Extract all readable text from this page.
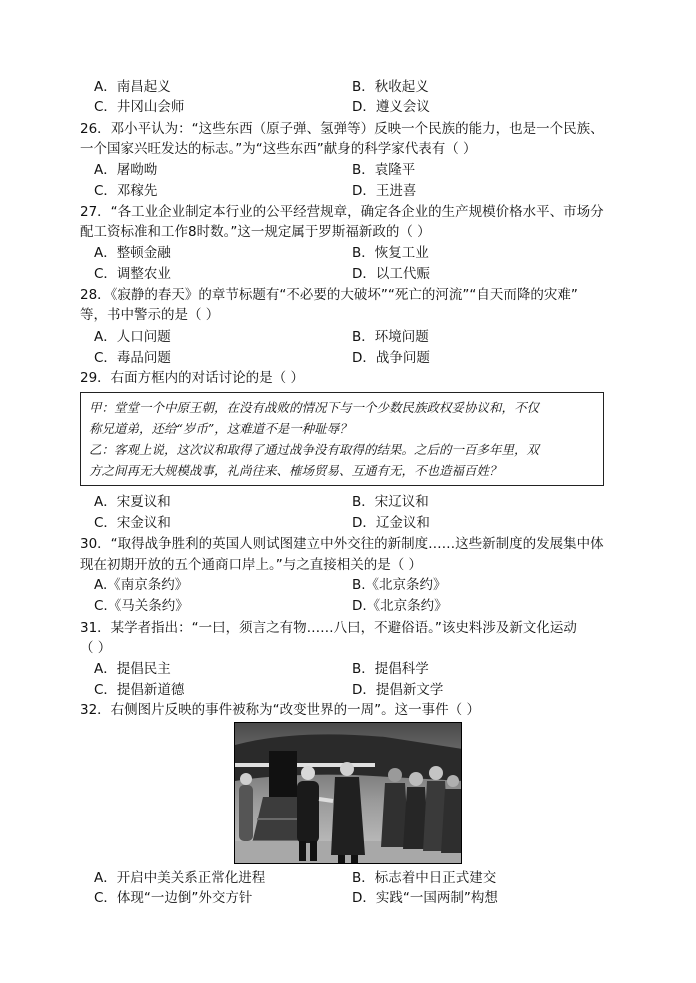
A．南昌起义	B．秋收起义
C．井冈山会师	D．遵义会议
26．邓小平认为：“这些东西（原子弹、氢弹等）反映一个民族的能力，也是一个民族、
一个国家兴旺发达的标志。”为“这些东西”献身的科学家代表有（ ）
A．屠呦呦	B．袁隆平
C．邓稼先	D．王进喜
27．“各工业企业制定本行业的公平经营规章，确定各企业的生产规模价格水平、市场分
配工资标准和工作8时数。”这一规定属于罗斯福新政的（ ）
A．整顿金融	B．恢复工业
C．调整农业	D．以工代赈
28．《寂静的春天》的章节标题有“不必要的大破坏”“死亡的河流”“自天而降的灾难”
等，书中警示的是（ ）
A．人口问题	B．环境问题
C．毒品问题	D．战争问题
29．右面方框内的对话讨论的是（ ）
甲：堂堂一个中原王朝，在没有战败的情况下与一个少数民族政权妥协议和，不仅
称兄道弟，还给“岁币”，这难道不是一种耻辱？
乙：客观上说，这次议和取得了通过战争没有取得的结果。之后的一百多年里，双
方之间再无大规模战事，礼尚往来、榷场贸易、互通有无，不也造福百姓？
A．宋夏议和	B．宋辽议和
C．宋金议和	D．辽金议和
30．“取得战争胜利的英国人则试图建立中外交往的新制度……这些新制度的发展集中体
现在初期开放的五个通商口岸上。”与之直接相关的是（ ）
A.《南京条约》	B.《北京条约》
C.《马关条约》	D.《北京条约》
31．某学者指出：“一曰，须言之有物……八曰，不避俗语。”该史料涉及新文化运动
（ ）
A．提倡民主	B．提倡科学
C．提倡新道德	D．提倡新文学
32．右侧图片反映的事件被称为“改变世界的一周”。这一事件（ ）
A．开启中美关系正常化进程	B．标志着中日正式建交
C．体现“一边倒”外交方针	D．实践“一国两制”构想
